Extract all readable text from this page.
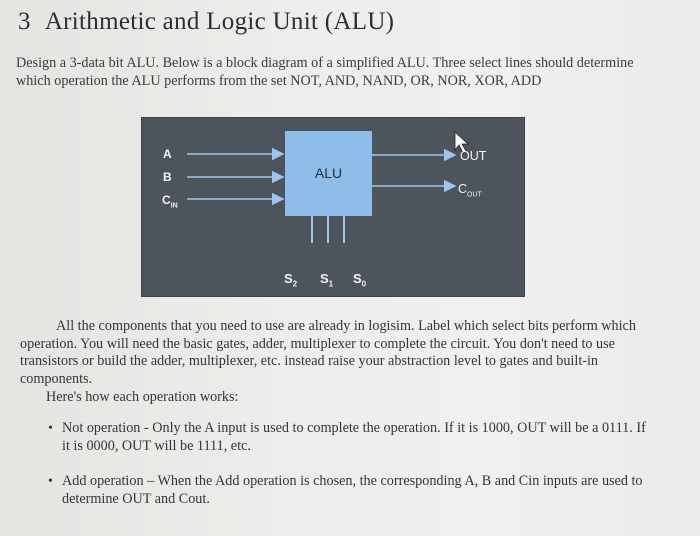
3 Arithmetic and Logic Unit (ALU)
Design a 3-data bit ALU. Below is a block diagram of a simplified ALU. Three select lines should determine which operation the ALU performs from the set NOT, AND, NAND, OR, NOR, XOR, ADD
A
B
$C_{IN}$
ALU
OUT
$C_{OUT}$
$S_2$ $S_1$ $S_0$
All the components that you need to use are already in logisim. Label which select bits perform which operation. You will need the basic gates, adder, multiplexer to complete the circuit. You don't need to use transistors or build the adder, multiplexer, etc. instead raise your abstraction level to gates and built-in components.
Here's how each operation works:
• Not operation - Only the A input is used to complete the operation. If it is 1000, OUT will be a 0111. If it is 0000, OUT will be 1111, etc.
• Add operation – When the Add operation is chosen, the corresponding A, B and Cin inputs are used to determine OUT and Cout.
